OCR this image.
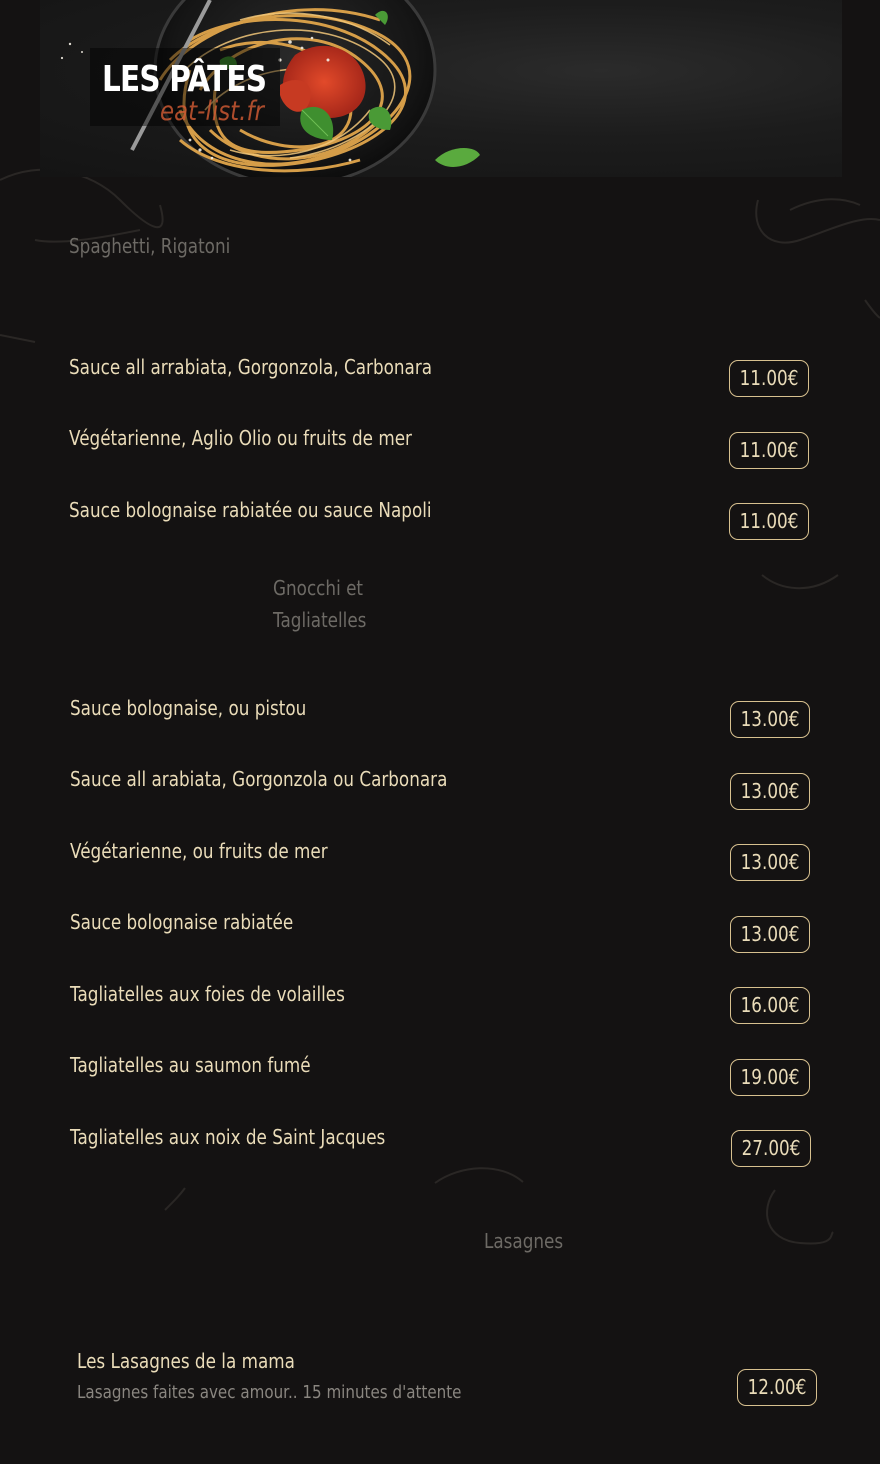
LES PÂTES
eat-list.fr
Spaghetti, Rigatoni
Sauce all arrabiata, Gorgonzola, Carbonara	11.00€
Végétarienne, Aglio Olio ou fruits de mer	11.00€
Sauce bolognaise rabiatée ou sauce Napoli	11.00€
Gnocchi et
Tagliatelles
Sauce bolognaise, ou pistou	13.00€
Sauce all arabiata, Gorgonzola ou Carbonara	13.00€
Végétarienne, ou fruits de mer	13.00€
Sauce bolognaise rabiatée	13.00€
Tagliatelles aux foies de volailles	16.00€
Tagliatelles au saumon fumé	19.00€
Tagliatelles aux noix de Saint Jacques	27.00€
Lasagnes
Les Lasagnes de la mama
Lasagnes faites avec amour.. 15 minutes d'attente	12.00€
